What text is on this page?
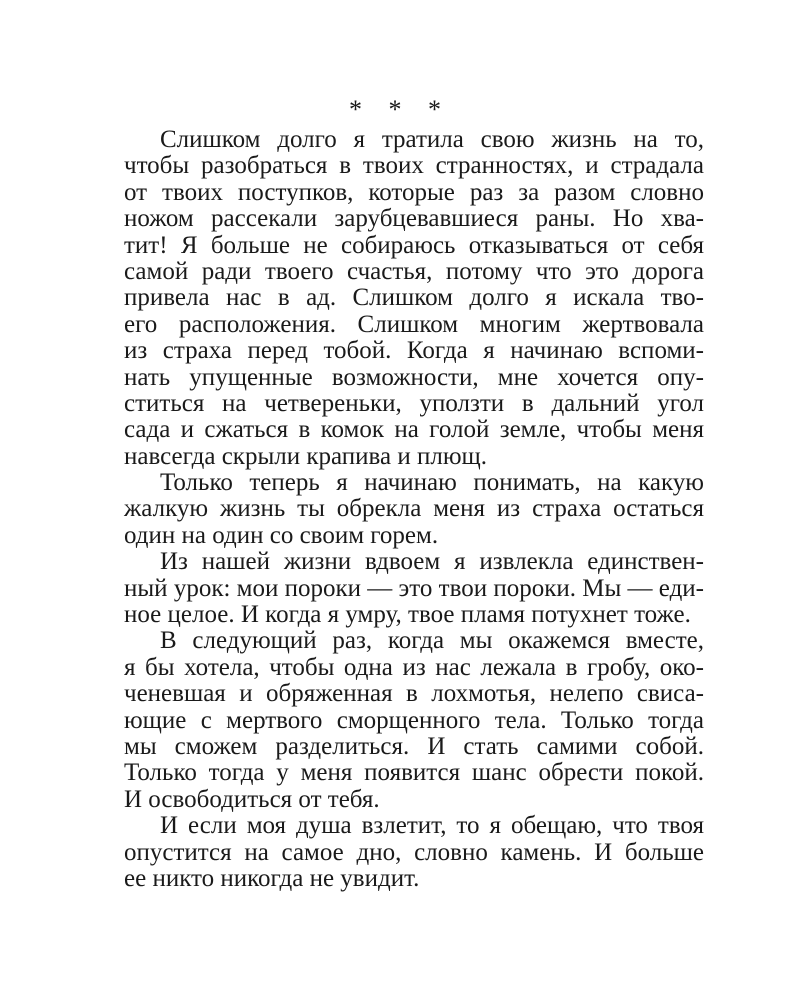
* * *
Слишком долго я тратила свою жизнь на то,
чтобы разобраться в твоих странностях, и страдала
от твоих поступков, которые раз за разом словно
ножом рассекали зарубцевавшиеся раны. Но хва-
тит! Я больше не собираюсь отказываться от себя
самой ради твоего счастья, потому что это дорога
привела нас в ад. Слишком долго я искала тво-
его расположения. Слишком многим жертвовала
из страха перед тобой. Когда я начинаю вспоми-
нать упущенные возможности, мне хочется опу-
ститься на четвереньки, уползти в дальний угол
сада и сжаться в комок на голой земле, чтобы меня
навсегда скрыли крапива и плющ.
Только теперь я начинаю понимать, на какую
жалкую жизнь ты обрекла меня из страха остаться
один на один со своим горем.
Из нашей жизни вдвоем я извлекла единствен-
ный урок: мои пороки — это твои пороки. Мы — еди-
ное целое. И когда я умру, твое пламя потухнет тоже.
В следующий раз, когда мы окажемся вместе,
я бы хотела, чтобы одна из нас лежала в гробу, око-
ченевшая и обряженная в лохмотья, нелепо свиса-
ющие с мертвого сморщенного тела. Только тогда
мы сможем разделиться. И стать самими собой.
Только тогда у меня появится шанс обрести покой.
И освободиться от тебя.
И если моя душа взлетит, то я обещаю, что твоя
опустится на самое дно, словно камень. И больше
ее никто никогда не увидит.
